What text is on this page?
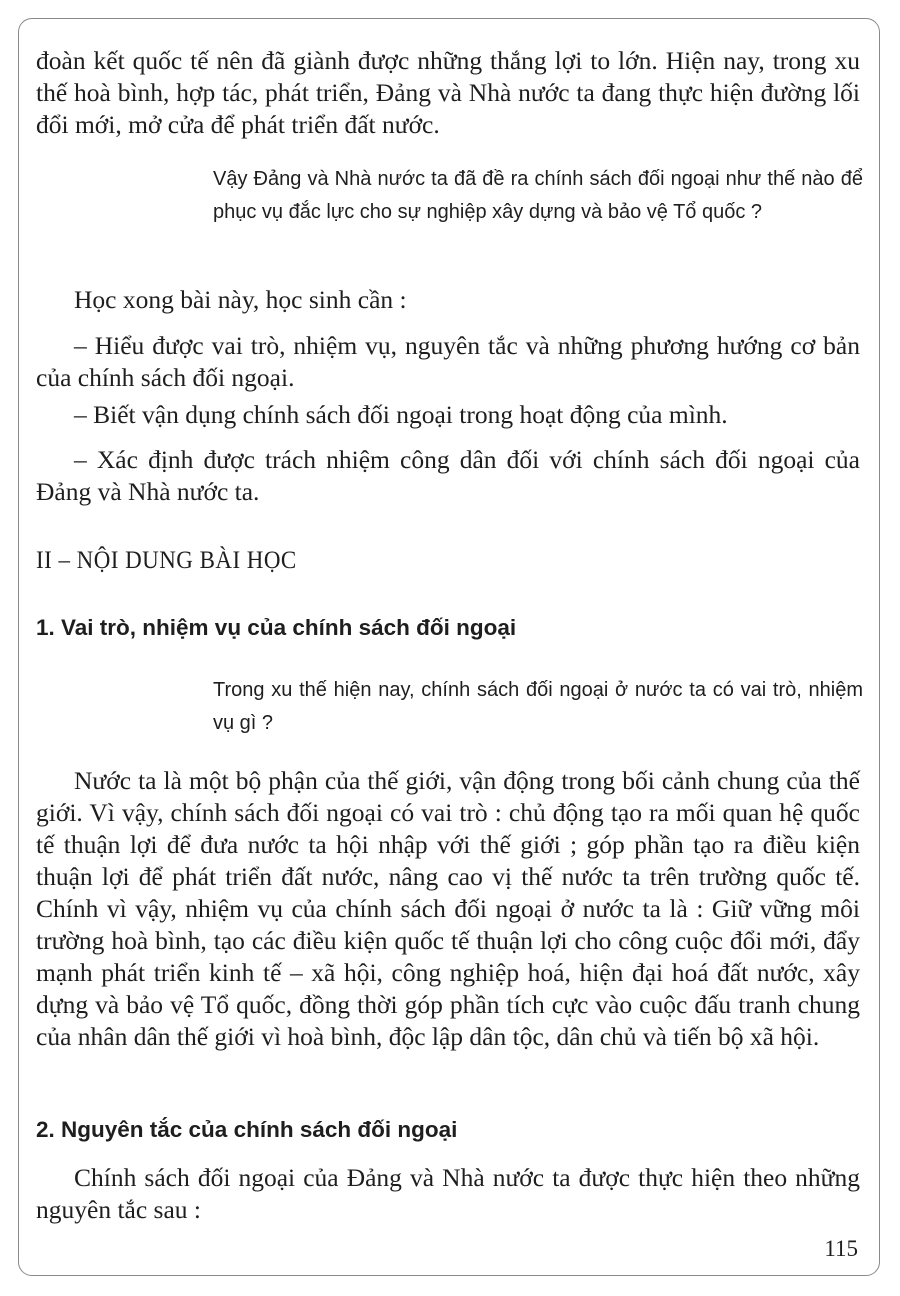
đoàn kết quốc tế nên đã giành được những thắng lợi to lớn. Hiện nay, trong xu thế hoà bình, hợp tác, phát triển, Đảng và Nhà nước ta đang thực hiện đường lối đổi mới, mở cửa để phát triển đất nước.

Vậy Đảng và Nhà nước ta đã đề ra chính sách đối ngoại như thế nào để phục vụ đắc lực cho sự nghiệp xây dựng và bảo vệ Tổ quốc ?

Học xong bài này, học sinh cần :

– Hiểu được vai trò, nhiệm vụ, nguyên tắc và những phương hướng cơ bản của chính sách đối ngoại.

– Biết vận dụng chính sách đối ngoại trong hoạt động của mình.

– Xác định được trách nhiệm công dân đối với chính sách đối ngoại của Đảng và Nhà nước ta.

II – NỘI DUNG BÀI HỌC
1. Vai trò, nhiệm vụ của chính sách đối ngoại

Trong xu thế hiện nay, chính sách đối ngoại ở nước ta có vai trò, nhiệm vụ gì ?

Nước ta là một bộ phận của thế giới, vận động trong bối cảnh chung của thế giới. Vì vậy, chính sách đối ngoại có vai trò : chủ động tạo ra mối quan hệ quốc tế thuận lợi để đưa nước ta hội nhập với thế giới ; góp phần tạo ra điều kiện thuận lợi để phát triển đất nước, nâng cao vị thế nước ta trên trường quốc tế. Chính vì vậy, nhiệm vụ của chính sách đối ngoại ở nước ta là : Giữ vững môi trường hoà bình, tạo các điều kiện quốc tế thuận lợi cho công cuộc đổi mới, đẩy mạnh phát triển kinh tế – xã hội, công nghiệp hoá, hiện đại hoá đất nước, xây dựng và bảo vệ Tổ quốc, đồng thời góp phần tích cực vào cuộc đấu tranh chung của nhân dân thế giới vì hoà bình, độc lập dân tộc, dân chủ và tiến bộ xã hội.

2. Nguyên tắc của chính sách đối ngoại

Chính sách đối ngoại của Đảng và Nhà nước ta được thực hiện theo những nguyên tắc sau :

115
